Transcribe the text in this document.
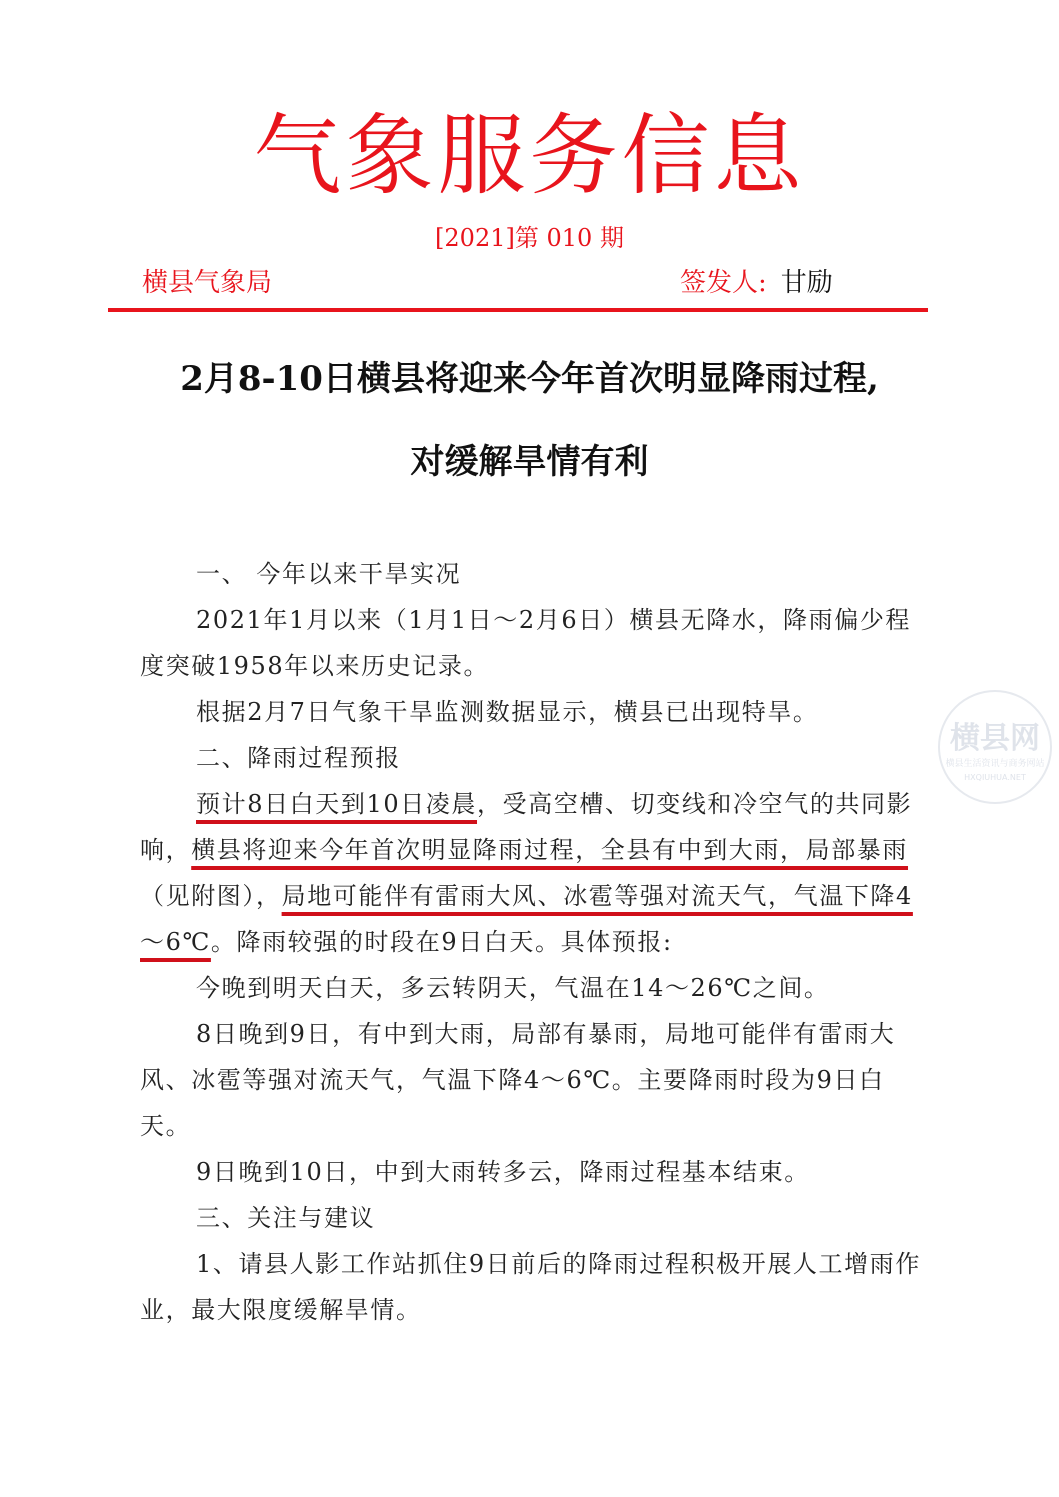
气象服务信息
[2021]第 010 期
横县气象局	签发人: 甘励
2月8-10日横县将迎来今年首次明显降雨过程,
对缓解旱情有利

一、 今年以来干旱实况

2021年1月以来（1月1日～2月6日）横县无降水，降雨偏少程度突破1958年以来历史记录。

根据2月7日气象干旱监测数据显示，横县已出现特旱。

二、降雨过程预报

预计8日白天到10日凌晨，受高空槽、切变线和冷空气的共同影响，横县将迎来今年首次明显降雨过程，全县有中到大雨，局部暴雨（见附图），局地可能伴有雷雨大风、冰雹等强对流天气，气温下降4～6℃。降雨较强的时段在9日白天。具体预报:

今晚到明天白天，多云转阴天，气温在14～26℃之间。

8日晚到9日，有中到大雨，局部有暴雨，局地可能伴有雷雨大风、冰雹等强对流天气，气温下降4～6℃。主要降雨时段为9日白天。

9日晚到10日，中到大雨转多云，降雨过程基本结束。

三、关注与建议

1、请县人影工作站抓住9日前后的降雨过程积极开展人工增雨作业，最大限度缓解旱情。

横县网
横县生活资讯与商务网站
HXQIUHUA.NET
